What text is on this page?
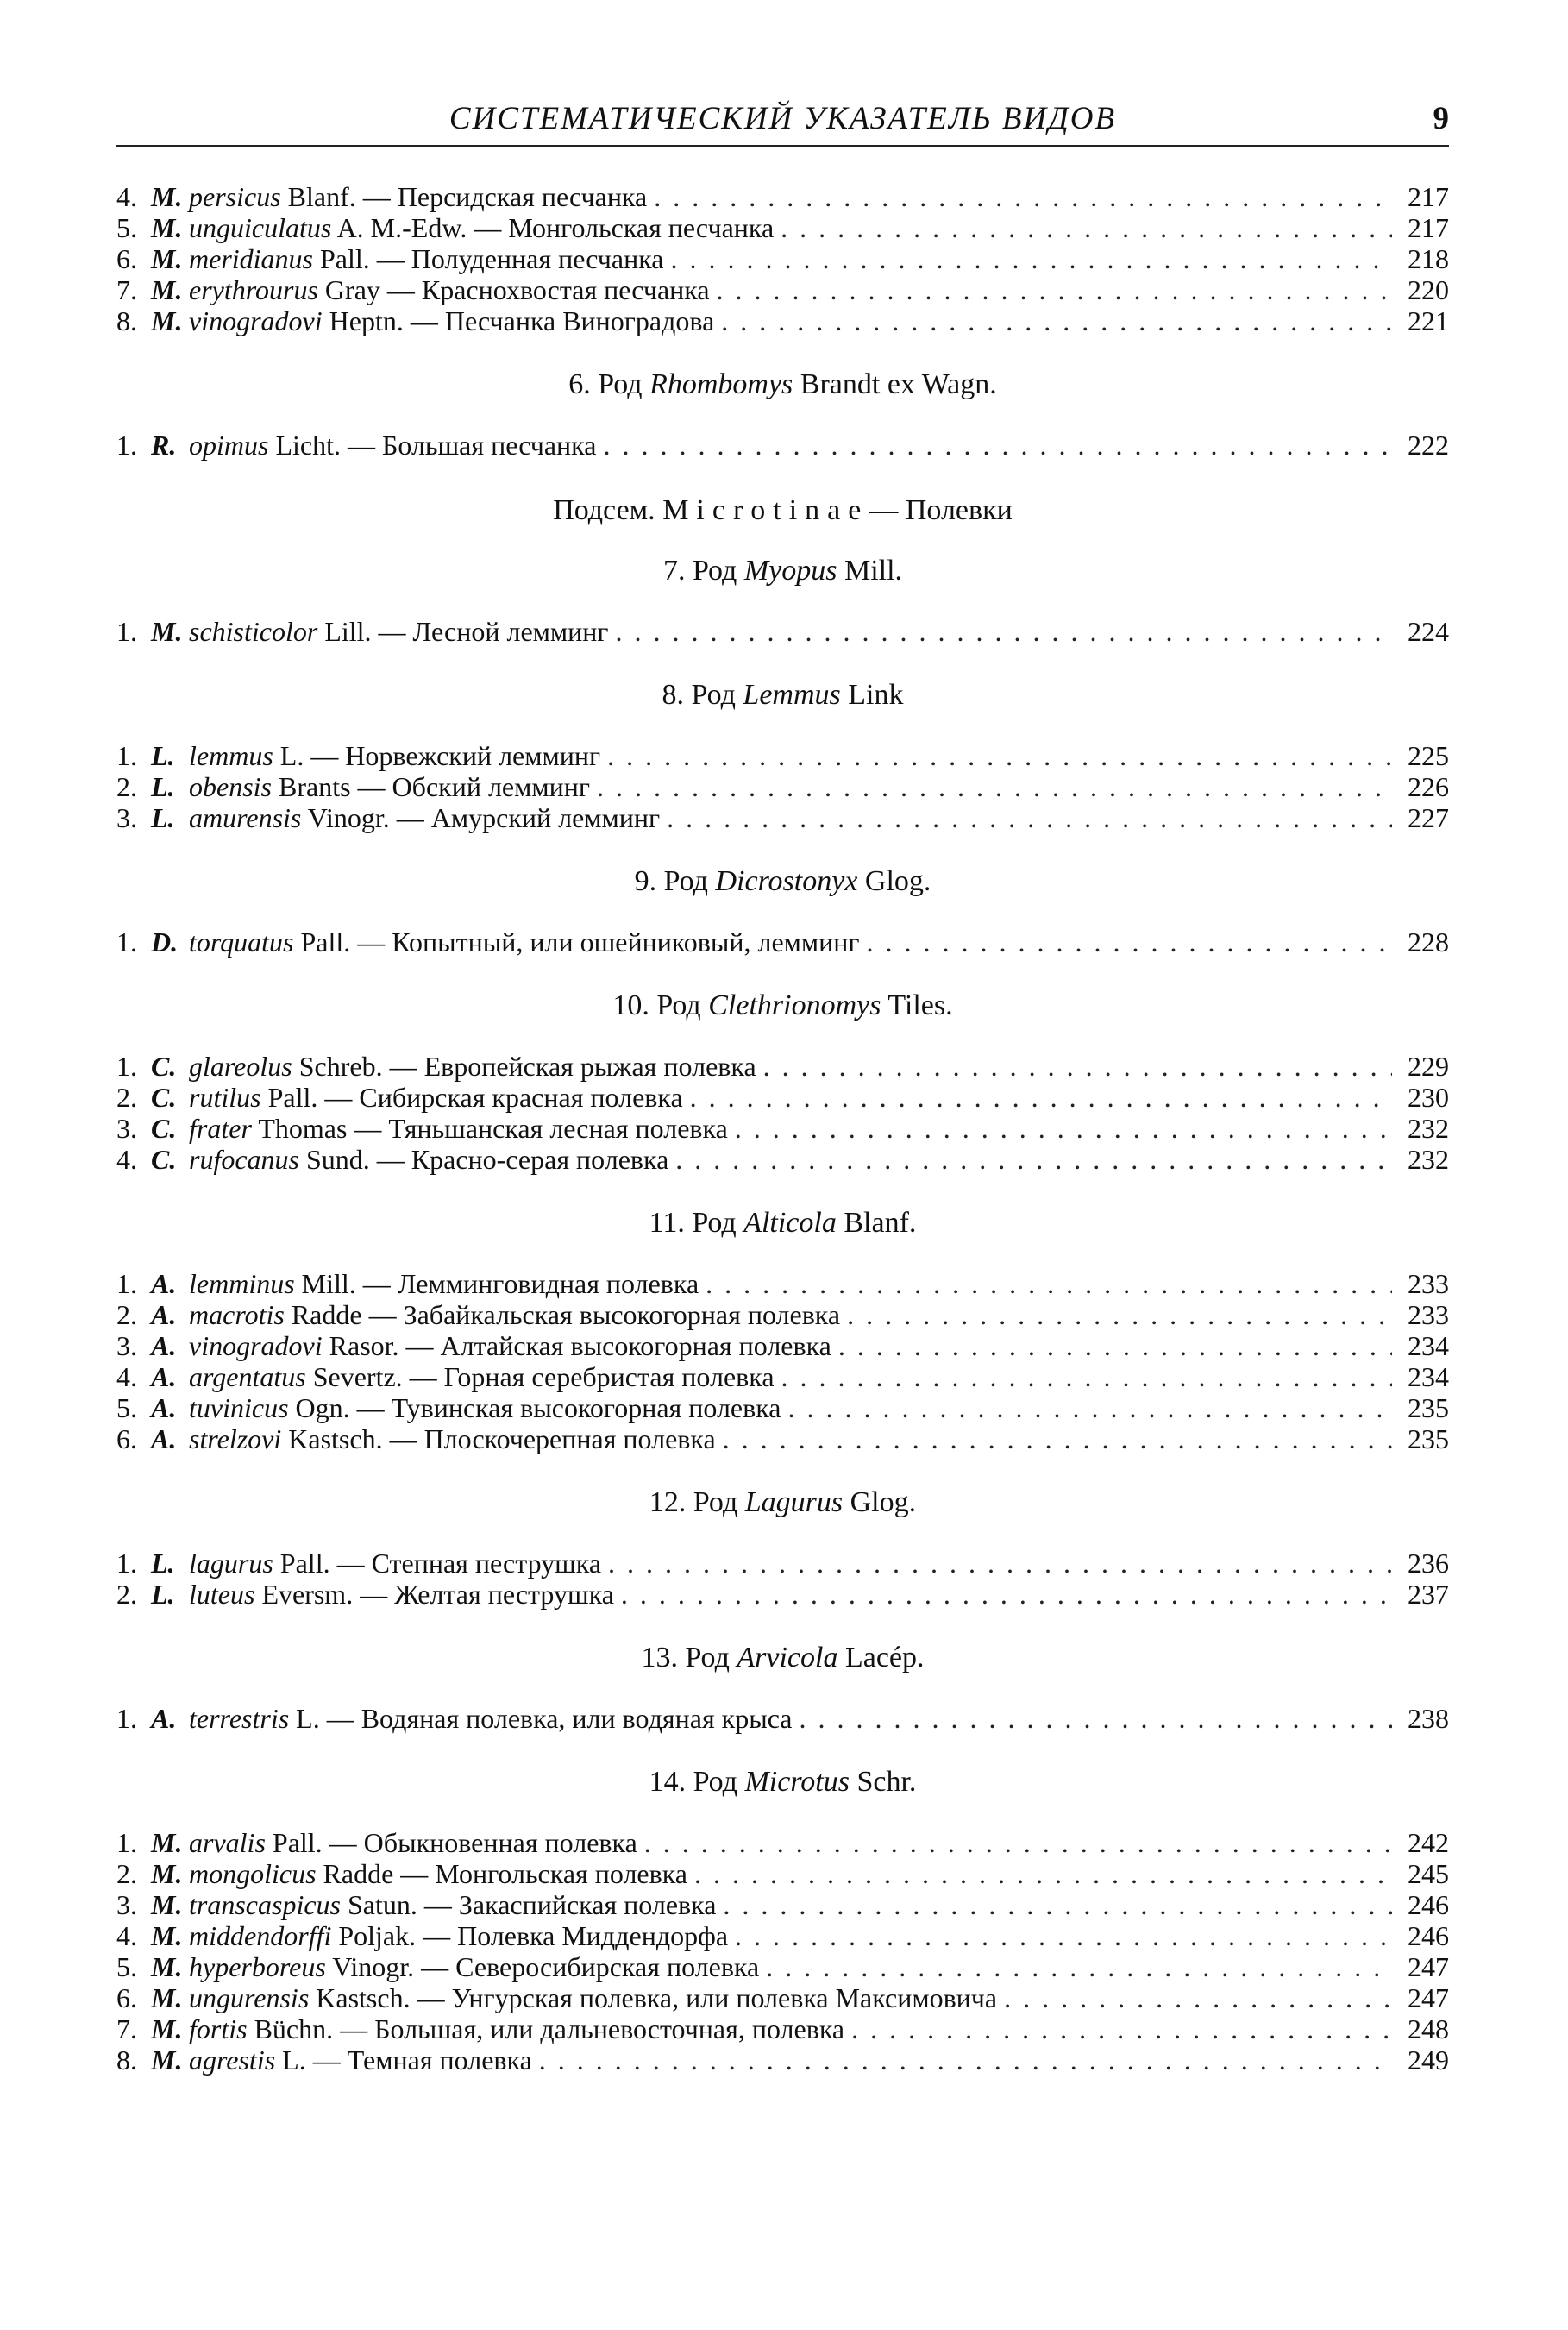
СИСТЕМАТИЧЕСКИЙ УКАЗАТЕЛЬ ВИДОВ	9
4. M. persicus Blanf. — Персидская песчанка . . .	217
5. M. unguiculatus A. M.-Edw. — Монгольская песчанка . . .	217
6. M. meridianus Pall. — Полуденная песчанка . . .	218
7. M. erythrourus Gray — Краснохвостая песчанка . . .	220
8. M. vinogradovi Heptn. — Песчанка Виноградова . . .	221
6. Род Rhombomys Brandt ex Wagn.
1. R. opimus Licht. — Большая песчанка . . .	222
Подсем. Microtinae— Полевки
7. Род Myopus Mill.
1. M. schisticolor Lill. — Лесной лемминг . . .	224
8. Род Lemmus Link
1. L. lemmus L. — Норвежский лемминг . . .	225
2. L. obensis Brants — Обский лемминг . . .	226
3. L. amurensis Vinogr. — Амурский лемминг . . .	227
9. Род Dicrostonyx Glog.
1. D. torquatus Pall. — Копытный, или ошейниковый, лемминг . . .	228
10. Род Clethrionomys Tiles.
1. C. glareolus Schreb. — Европейская рыжая полевка . . .	229
2. C. rutilus Pall. — Сибирская красная полевка . . .	230
3. C. frater Thomas — Тяньшанская лесная полевка . . .	232
4. C. rufocanus Sund. — Красно-серая полевка . . .	232
11. Род Alticola Blanf.
1. A. lemminus Mill. — Леммингoвидная полевка . . .	233
2. A. macrotis Radde — Забайкальская высокогорная полевка . . .	233
3. A. vinogradovi Rasor. — Алтайская высокогорная полевка . . .	234
4. A. argentatus Severtz. — Горная серебристая полевка . . .	234
5. A. tuvinicus Ogn. — Тувинская высокогорная полевка . . .	235
6. A. strelzovi Kastsch. — Плоскочерепная полевка . . .	235
12. Род Lagurus Glog.
1. L. lagurus Pall. — Степная пеструшка . . .	236
2. L. luteus Eversm. — Желтая пеструшка . . .	237
13. Род Arvicola Lacép.
1. A. terrestris L. — Водяная полевка, или водяная крыса . . .	238
14. Род Microtus Schr.
1. M. arvalis Pall. — Обыкновенная полевка . . .	242
2. M. mongolicus Radde — Монгольская полевка . . .	245
3. M. transcaspicus Satun. — Закаспийская полевка . . .	246
4. M. middendorffi Poljak. — Полевка Миддендорфа . . .	246
5. M. hyperboreus Vinogr. — Северосибирская полевка . . .	247
6. M. ungurensis Kastsch. — Унгурская полевка, или полевка Максимовича . . .	247
7. M. fortis Büchn. — Большая, или дальневосточная, полевка . . .	248
8. M. agrestis L. — Темная полевка . . .	249
